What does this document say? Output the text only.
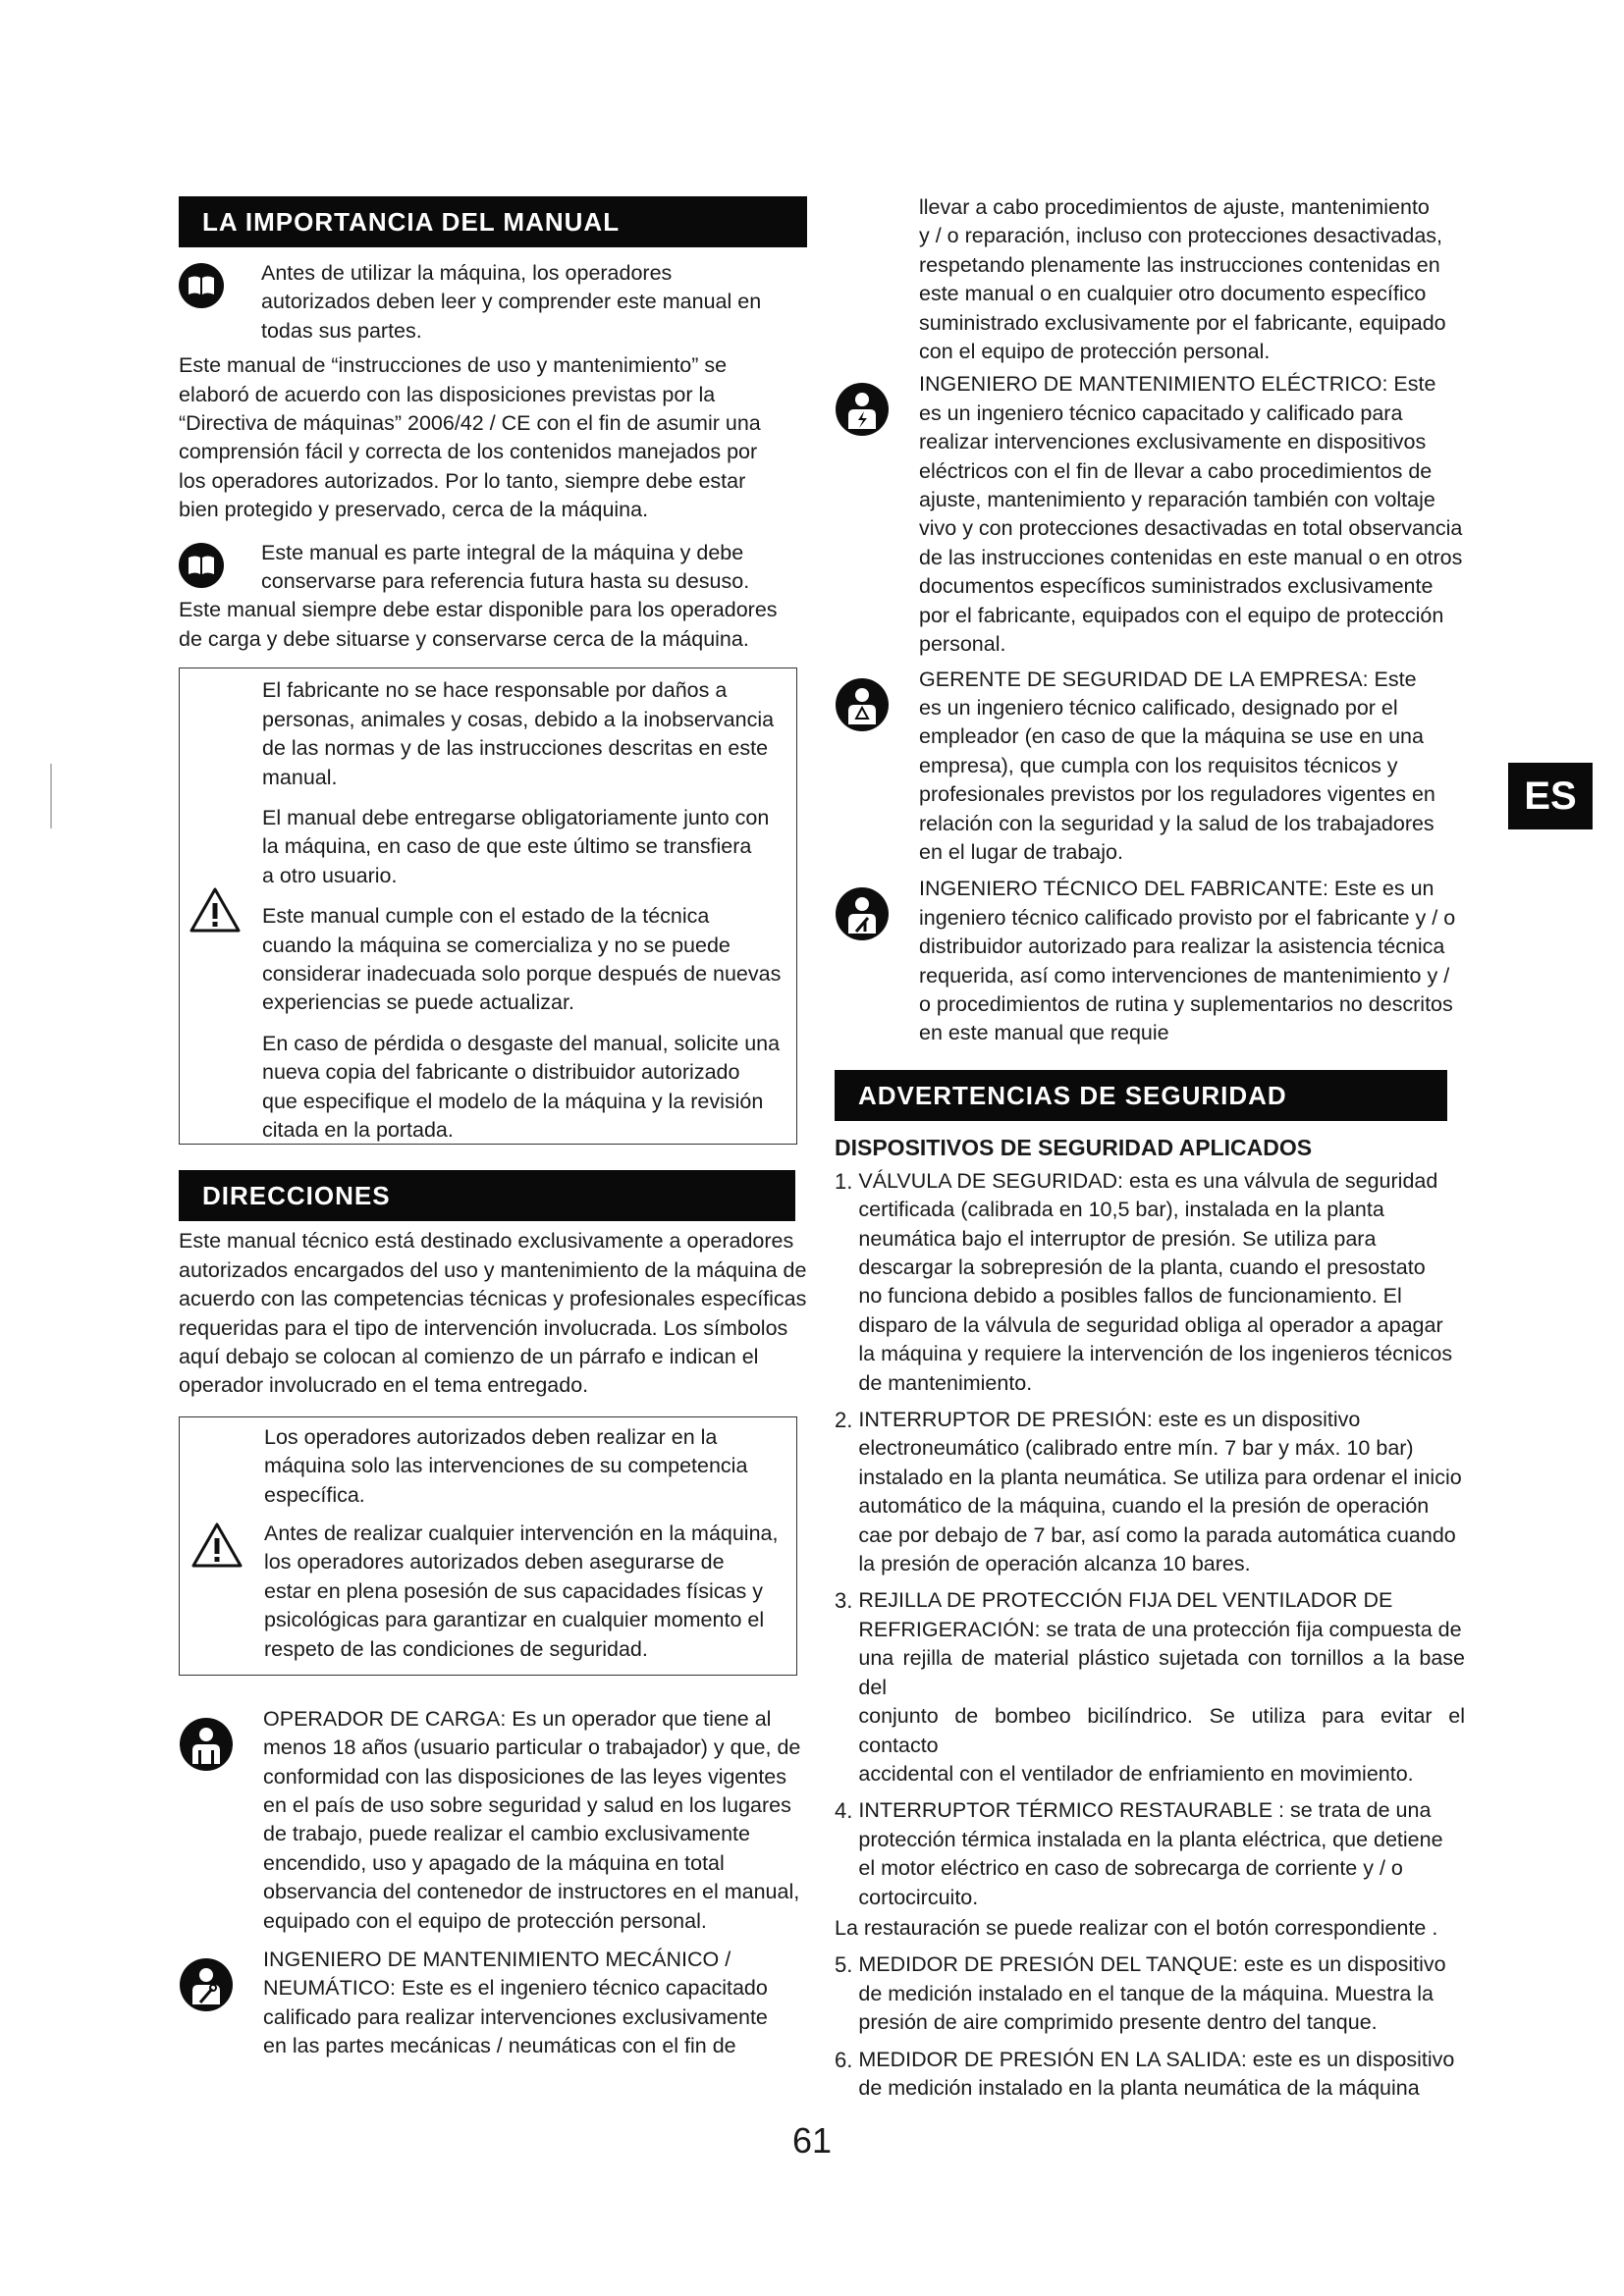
LA IMPORTANCIA DEL MANUAL

Antes de utilizar la máquina, los operadores

autorizados deben leer y comprender este manual en

todas sus partes.

Este manual de “instrucciones de uso y mantenimiento” se

elaboró de acuerdo con las disposiciones previstas por la

“Directiva de máquinas” 2006/42 / CE con el fin de asumir una

comprensión fácil y correcta de los contenidos manejados por

los operadores autorizados. Por lo tanto, siempre debe estar

bien protegido y preservado, cerca de la máquina.

Este manual es parte integral de la máquina y debe

conservarse para referencia futura hasta su desuso.

Este manual siempre debe estar disponible para los operadores

de carga y debe situarse y conservarse cerca de la máquina.

El fabricante no se hace responsable por daños a

personas, animales y cosas, debido a la inobservancia

de las normas y de las instrucciones descritas en este

manual.

El manual debe entregarse obligatoriamente junto con

la máquina, en caso de que este último se transfiera

a otro usuario.

Este manual cumple con el estado de la técnica

cuando la máquina se comercializa y no se puede

considerar inadecuada solo porque después de nuevas

experiencias se puede actualizar.

En caso de pérdida o desgaste del manual, solicite una

nueva copia del fabricante o distribuidor autorizado

que especifique el modelo de la máquina y la revisión

citada en la portada.

DIRECCIONES

Este manual técnico está destinado exclusivamente a operadores

autorizados encargados del uso y mantenimiento de la máquina de

acuerdo con las competencias técnicas y profesionales específicas

requeridas para el tipo de intervención involucrada. Los símbolos

aquí debajo se colocan al comienzo de un párrafo e indican el

operador involucrado en el tema entregado.

Los operadores autorizados deben realizar en la

máquina solo las intervenciones de su competencia

específica.

Antes de realizar cualquier intervención en la máquina,

los operadores autorizados deben asegurarse de

estar en plena posesión de sus capacidades físicas y

psicológicas para garantizar en cualquier momento el

respeto de las condiciones de seguridad.

OPERADOR DE CARGA: Es un operador que tiene al

menos 18 años (usuario particular o trabajador) y que, de

conformidad con las disposiciones de las leyes vigentes

en el país de uso sobre seguridad y salud en los lugares

de trabajo, puede realizar el cambio exclusivamente

encendido, uso y apagado de la máquina en total

observancia del contenedor de instructores en el manual,

equipado con el equipo de protección personal.

INGENIERO DE MANTENIMIENTO MECÁNICO /

NEUMÁTICO: Este es el ingeniero técnico capacitado

calificado para realizar intervenciones exclusivamente

en las partes mecánicas / neumáticas con el fin de

llevar a cabo procedimientos de ajuste, mantenimiento

y / o reparación, incluso con protecciones desactivadas,

respetando plenamente las instrucciones contenidas en

este manual o en cualquier otro documento específico

suministrado exclusivamente por el fabricante, equipado

con el equipo de protección personal.

INGENIERO DE MANTENIMIENTO ELÉCTRICO: Este

es un ingeniero técnico capacitado y calificado para

realizar intervenciones exclusivamente en dispositivos

eléctricos con el fin de llevar a cabo procedimientos de

ajuste, mantenimiento y reparación también con voltaje

vivo y con protecciones desactivadas en total observancia

de las instrucciones contenidas en este manual o en otros

documentos específicos suministrados exclusivamente

por el fabricante, equipados con el equipo de protección

personal.

GERENTE DE SEGURIDAD DE LA EMPRESA: Este

es un ingeniero técnico calificado, designado por el

empleador (en caso de que la máquina se use en una

empresa), que cumpla con los requisitos técnicos y

profesionales previstos por los reguladores vigentes en

relación con la seguridad y la salud de los trabajadores

en el lugar de trabajo.

INGENIERO TÉCNICO DEL FABRICANTE: Este es un

ingeniero técnico calificado provisto por el fabricante y / o

distribuidor autorizado para realizar la asistencia técnica

requerida, así como intervenciones de mantenimiento y /

o procedimientos de rutina y suplementarios no descritos

en este manual que requie

ADVERTENCIAS DE SEGURIDAD
DISPOSITIVOS DE SEGURIDAD APLICADOS
1. VÁLVULA DE SEGURIDAD: esta es una válvula de seguridad

certificada (calibrada en 10,5 bar), instalada en la planta

neumática bajo el interruptor de presión. Se utiliza para

descargar la sobrepresión de la planta, cuando el presostato

no funciona debido a posibles fallos de funcionamiento. El

disparo de la válvula de seguridad obliga al operador a apagar

la máquina y requiere la intervención de los ingenieros técnicos

de mantenimiento.

2. INTERRUPTOR DE PRESIÓN: este es un dispositivo

electroneumático (calibrado entre mín. 7 bar y máx. 10 bar)

instalado en la planta neumática. Se utiliza para ordenar el inicio

automático de la máquina, cuando el la presión de operación

cae por debajo de 7 bar, así como la parada automática cuando

la presión de operación alcanza 10 bares.

3. REJILLA DE PROTECCIÓN FIJA DEL VENTILADOR DE

REFRIGERACIÓN: se trata de una protección fija compuesta de

una rejilla de material plástico sujetada con tornillos a la base del

conjunto de bombeo bicilíndrico. Se utiliza para evitar el contacto

accidental con el ventilador de enfriamiento en movimiento.

4. INTERRUPTOR TÉRMICO RESTAURABLE : se trata de una

protección térmica instalada en la planta eléctrica, que detiene

el motor eléctrico en caso de sobrecarga de corriente y / o

cortocircuito.

La restauración se puede realizar con el botón correspondiente .

5. MEDIDOR DE PRESIÓN DEL TANQUE: este es un dispositivo

de medición instalado en el tanque de la máquina. Muestra la

presión de aire comprimido presente dentro del tanque.

6. MEDIDOR DE PRESIÓN EN LA SALIDA: este es un dispositivo

de medición instalado en la planta neumática de la máquina

ES
61
